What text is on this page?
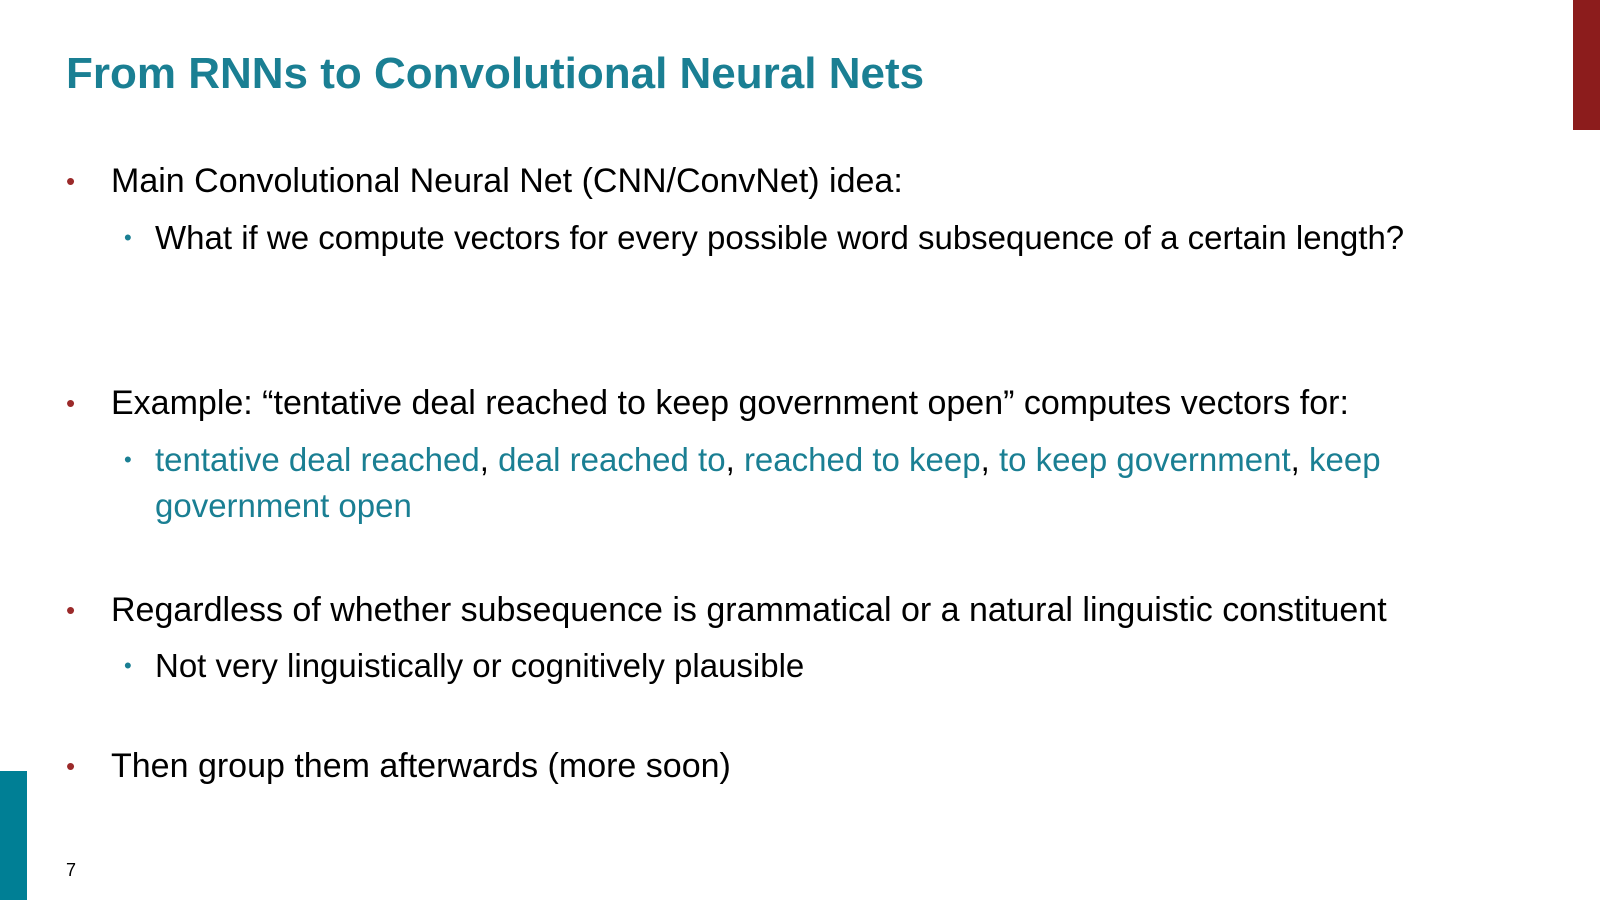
From RNNs to Convolutional Neural Nets
• Main Convolutional Neural Net (CNN/ConvNet) idea:
• What if we compute vectors for every possible word subsequence of a certain length?
• Example: “tentative deal reached to keep government open” computes vectors for:
• tentative deal reached, deal reached to, reached to keep, to keep government, keep government open
• Regardless of whether subsequence is grammatical or a natural linguistic constituent
• Not very linguistically or cognitively plausible
• Then group them afterwards (more soon)
7
